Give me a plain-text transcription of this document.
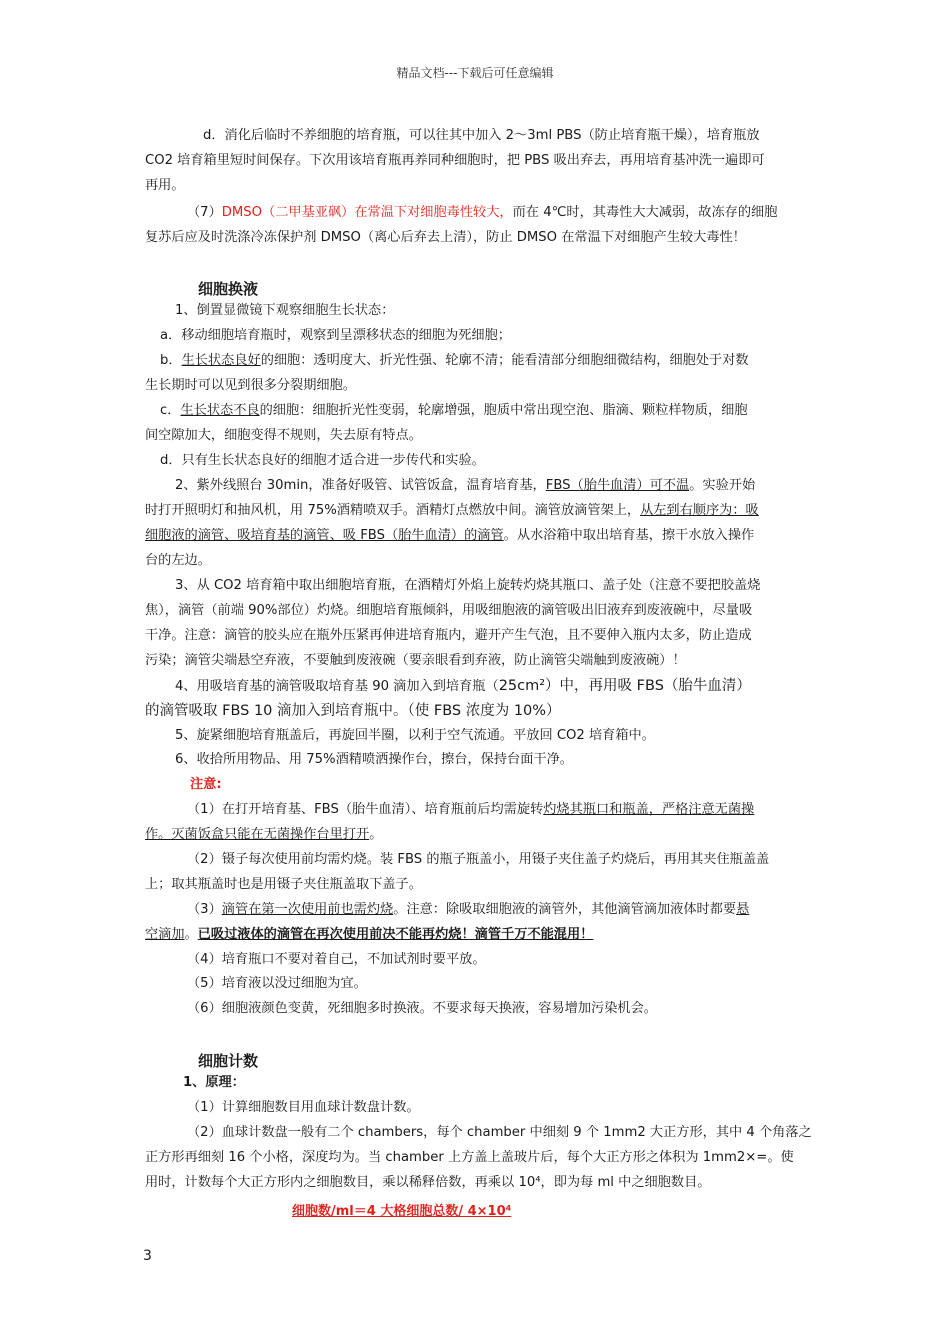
精品文档---下载后可任意编辑
d．消化后临时不养细胞的培育瓶，可以往其中加入 2～3ml PBS（防止培育瓶干燥），培育瓶放
CO2 培育箱里短时间保存。下次用该培育瓶再养同种细胞时，把 PBS 吸出弃去，再用培育基冲洗一遍即可
再用。
（7）DMSO（二甲基亚砜）在常温下对细胞毒性较大，而在 4℃时，其毒性大大减弱，故冻存的细胞
复苏后应及时洗涤冷冻保护剂 DMSO（离心后弃去上清），防止 DMSO 在常温下对细胞产生较大毒性！
细胞换液
1、倒置显微镜下观察细胞生长状态：
a．移动细胞培育瓶时，观察到呈漂移状态的细胞为死细胞；
b．生长状态良好的细胞：透明度大、折光性强、轮廓不清；能看清部分细胞细微结构，细胞处于对数
生长期时可以见到很多分裂期细胞。
c．生长状态不良的细胞：细胞折光性变弱，轮廓增强，胞质中常出现空泡、脂滴、颗粒样物质，细胞
间空隙加大，细胞变得不规则，失去原有特点。
d．只有生长状态良好的细胞才适合进一步传代和实验。
2、紫外线照台 30min，准备好吸管、试管饭盒，温育培育基，FBS（胎牛血清）可不温。实验开始
时打开照明灯和抽风机，用 75%酒精喷双手。酒精灯点燃放中间。滴管放滴管架上，从左到右顺序为：吸
细胞液的滴管、吸培育基的滴管、吸 FBS（胎牛血清）的滴管。从水浴箱中取出培育基，擦干水放入操作
台的左边。
3、从 CO2 培育箱中取出细胞培育瓶，在酒精灯外焰上旋转灼烧其瓶口、盖子处（注意不要把胶盖烧
焦），滴管（前端 90%部位）灼烧。细胞培育瓶倾斜，用吸细胞液的滴管吸出旧液弃到废液碗中，尽量吸
干净。注意：滴管的胶头应在瓶外压紧再伸进培育瓶内，避开产生气泡，且不要伸入瓶内太多，防止造成
污染；滴管尖端悬空弃液，不要触到废液碗（要亲眼看到弃液，防止滴管尖端触到废液碗）！
4、用吸培育基的滴管吸取培育基 90 滴加入到培育瓶（25cm²）中，再用吸 FBS（胎牛血清）
的滴管吸取 FBS 10 滴加入到培育瓶中。（使 FBS 浓度为 10%）
5、旋紧细胞培育瓶盖后，再旋回半圈，以利于空气流通。平放回 CO2 培育箱中。
6、收拾所用物品、用 75%酒精喷洒操作台，擦台，保持台面干净。
注意:
（1）在打开培育基、FBS（胎牛血清）、培育瓶前后均需旋转灼烧其瓶口和瓶盖，严格注意无菌操
作。灭菌饭盒只能在无菌操作台里打开。
（2）镊子每次使用前均需灼烧。装 FBS 的瓶子瓶盖小，用镊子夹住盖子灼烧后，再用其夹住瓶盖盖
上；取其瓶盖时也是用镊子夹住瓶盖取下盖子。
（3）滴管在第一次使用前也需灼烧。注意：除吸取细胞液的滴管外，其他滴管滴加液体时都要悬
空滴加。已吸过液体的滴管在再次使用前决不能再灼烧！滴管千万不能混用！
（4）培育瓶口不要对着自己，不加试剂时要平放。
（5）培育液以没过细胞为宜。
（6）细胞液颜色变黄，死细胞多时换液。不要求每天换液，容易增加污染机会。
细胞计数
1、原理：
（1）计算细胞数目用血球计数盘计数。
（2）血球计数盘一般有二个 chambers，每个 chamber 中细刻 9 个 1mm2 大正方形，其中 4 个角落之
正方形再细刻 16 个小格，深度均为。当 chamber 上方盖上盖玻片后，每个大正方形之体积为 1mm2×=。使
用时，计数每个大正方形内之细胞数目，乘以稀释倍数，再乘以 10⁴，即为每 ml 中之细胞数目。
细胞数/ml＝4 大格细胞总数/ 4×10⁴
3
